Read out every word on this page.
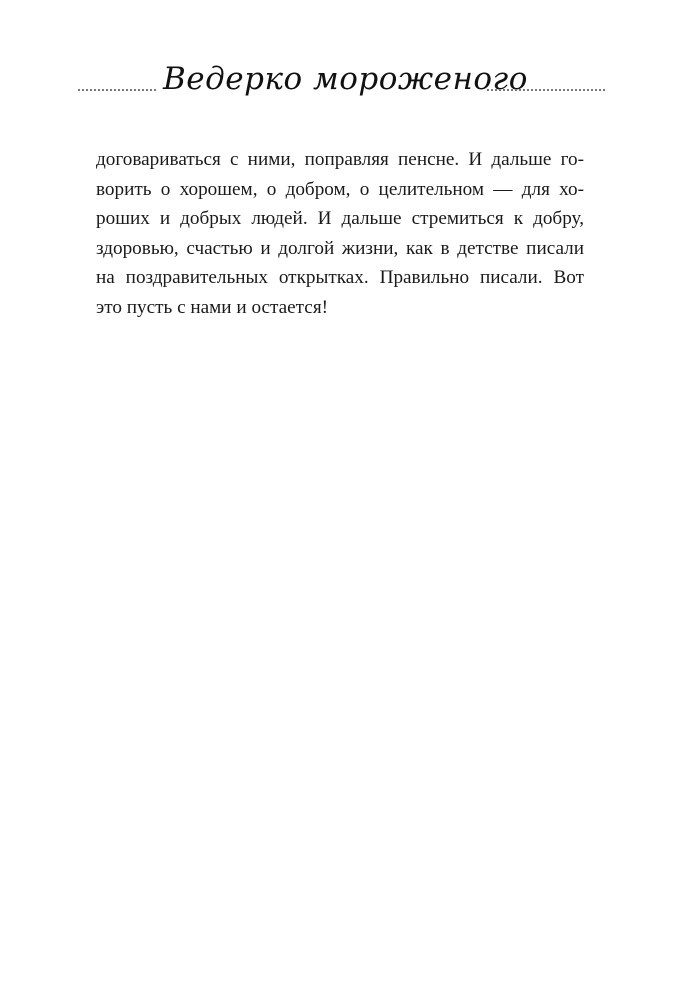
Ведерко мороженого
договариваться с ними, поправляя пенсне. И дальше го-
ворить о хорошем, о добром, о целительном — для хо-
роших и добрых людей. И дальше стремиться к добру,
здоровью, счастью и долгой жизни, как в детстве писали
на поздравительных открытках. Правильно писали. Вот
это пусть с нами и остается!
